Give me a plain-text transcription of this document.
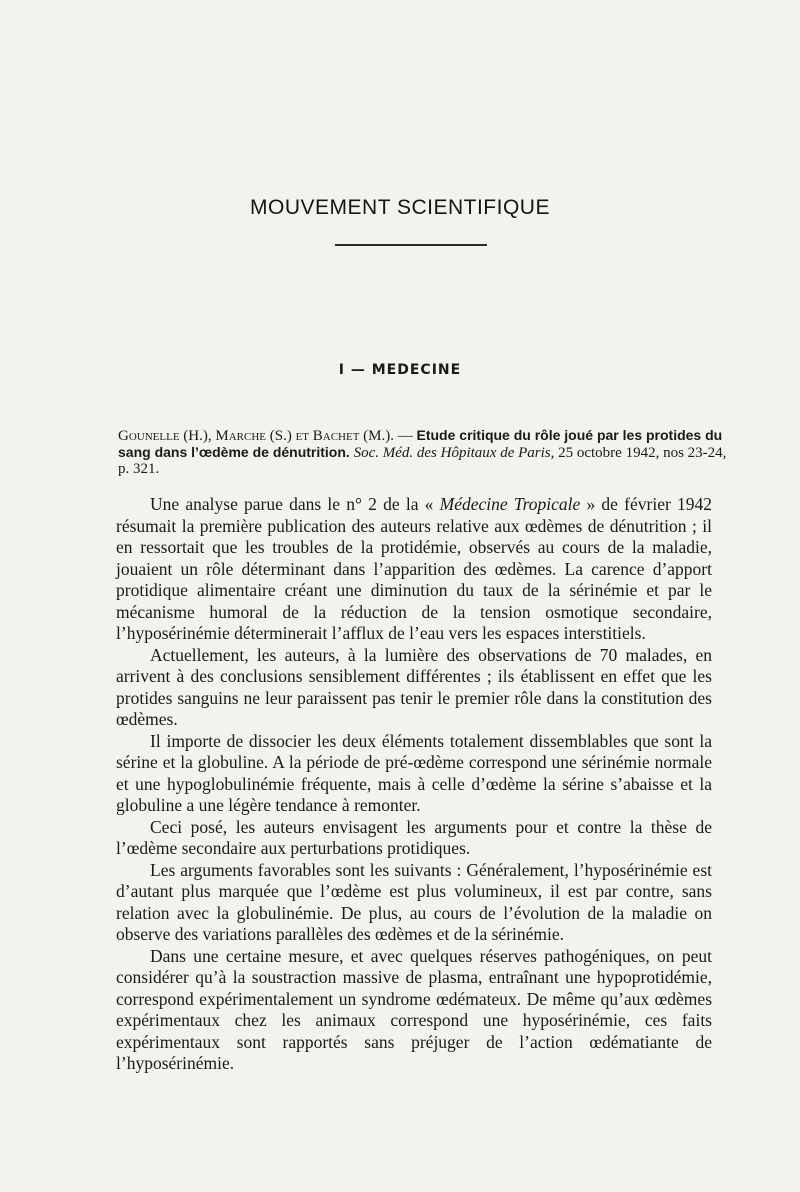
MOUVEMENT SCIENTIFIQUE
I — MEDECINE
Gounelle (H.), Marche (S.) et Bachet (M.). — Etude critique du rôle joué par les protides du sang dans l’œdème de dénutrition. Soc. Méd. des Hôpitaux de Paris, 25 octobre 1942, nos 23-24, p. 321.

Une analyse parue dans le n° 2 de la « Médecine Tropicale » de février 1942 résumait la première publication des auteurs relative aux œdèmes de dénutrition ; il en ressortait que les troubles de la protidémie, observés au cours de la maladie, jouaient un rôle déterminant dans l’apparition des œdèmes. La carence d’apport protidique alimentaire créant une diminution du taux de la sérinémie et par le mécanisme humoral de la réduction de la tension osmotique secondaire, l’hyposérinémie déterminerait l’afflux de l’eau vers les espaces interstitiels.

Actuellement, les auteurs, à la lumière des observations de 70 malades, en arrivent à des conclusions sensiblement différentes ; ils établissent en effet que les protides sanguins ne leur paraissent pas tenir le premier rôle dans la constitution des œdèmes.

Il importe de dissocier les deux éléments totalement dissemblables que sont la sérine et la globuline. A la période de pré-œdème correspond une sérinémie normale et une hypoglobulinémie fréquente, mais à celle d’œdème la sérine s’abaisse et la globuline a une légère tendance à remonter.

Ceci posé, les auteurs envisagent les arguments pour et contre la thèse de l’œdème secondaire aux perturbations protidiques.

Les arguments favorables sont les suivants : Généralement, l’hyposérinémie est d’autant plus marquée que l’œdème est plus volumineux, il est par contre, sans relation avec la globulinémie. De plus, au cours de l’évolution de la maladie on observe des variations parallèles des œdèmes et de la sérinémie.

Dans une certaine mesure, et avec quelques réserves pathogéniques, on peut considérer qu’à la soustraction massive de plasma, entraînant une hypoprotidémie, correspond expérimentalement un syndrome œdémateux. De même qu’aux œdèmes expérimentaux chez les animaux correspond une hyposérinémie, ces faits expérimentaux sont rapportés sans préjuger de l’action œdématiante de l’hyposérinémie.
